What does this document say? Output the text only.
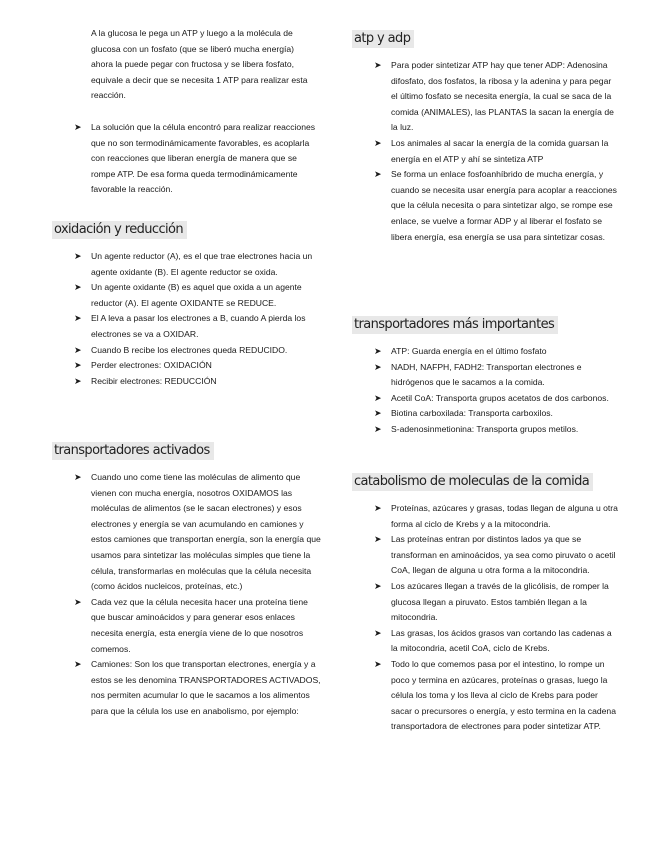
A la glucosa le pega un ATP y luego a la molécula de glucosa con un fosfato (que se liberó mucha energía) ahora la puede pegar con fructosa y se libera fosfato, equivale a decir que se necesita 1 ATP para realizar esta reacción.

➤ La solución que la célula encontró para realizar reacciones que no son termodinámicamente favorables, es acoplarla con reacciones que liberan energía de manera que se rompe ATP. De esa forma queda termodinámicamente favorable la reacción.
oxidación y reducción
➤ Un agente reductor (A), es el que trae electrones hacia un agente oxidante (B). El agente reductor se oxida.
➤ Un agente oxidante (B) es aquel que oxida a un agente reductor (A). El agente OXIDANTE se REDUCE.
➤ El A leva a pasar los electrones a B, cuando A pierda los electrones se va a OXIDAR.
➤ Cuando B recibe los electrones queda REDUCIDO.
➤ Perder electrones: OXIDACIÓN
➤ Recibir electrones: REDUCCIÓN
transportadores activados
➤ Cuando uno come tiene las moléculas de alimento que vienen con mucha energía, nosotros OXIDAMOS las moléculas de alimentos (se le sacan electrones) y esos electrones y energía se van acumulando en camiones y estos camiones que transportan energía, son la energía que usamos para sintetizar las moléculas simples que tiene la célula, transformarlas en moléculas que la célula necesita (como ácidos nucleicos, proteínas, etc.)
➤ Cada vez que la célula necesita hacer una proteína tiene que buscar aminoácidos y para generar esos enlaces necesita energía, esta energía viene de lo que nosotros comemos.
➤ Camiones: Son los que transportan electrones, energía y a estos se les denomina TRANSPORTADORES ACTIVADOS, nos permiten acumular lo que le sacamos a los alimentos para que la célula los use en anabolismo, por ejemplo:
atp y adp
➤ Para poder sintetizar ATP hay que tener ADP: Adenosina difosfato, dos fosfatos, la ribosa y la adenina y para pegar el último fosfato se necesita energía, la cual se saca de la comida (ANIMALES), las PLANTAS la sacan la energía de la luz.
➤ Los animales al sacar la energía de la comida guarsan la energía en el ATP y ahí se sintetiza ATP
➤ Se forma un enlace fosfoanhíbrido de mucha energía, y cuando se necesita usar energía para acoplar a reacciones que la célula necesita o para sintetizar algo, se rompe ese enlace, se vuelve a formar ADP y al liberar el fosfato se libera energía, esa energía se usa para sintetizar cosas.
transportadores más importantes
➤ ATP: Guarda energía en el último fosfato
➤ NADH, NAFPH, FADH2: Transportan electrones e hidrógenos que le sacamos a la comida.
➤ Acetil CoA: Transporta grupos acetatos de dos carbonos.
➤ Biotina carboxilada: Transporta carboxilos.
➤ S-adenosinmetionina: Transporta grupos metilos.
catabolismo de moleculas de la comida
➤ Proteínas, azúcares y grasas, todas llegan de alguna u otra forma al ciclo de Krebs y a la mitocondria.
➤ Las proteínas entran por distintos lados ya que se transforman en aminoácidos, ya sea como piruvato o acetil CoA, llegan de alguna u otra forma a la mitocondria.
➤ Los azúcares llegan a través de la glicólisis, de romper la glucosa llegan a piruvato. Estos también llegan a la mitocondria.
➤ Las grasas, los ácidos grasos van cortando las cadenas a la mitocondria, acetil CoA, ciclo de Krebs.
➤ Todo lo que comemos pasa por el intestino, lo rompe un poco y termina en azúcares, proteínas o grasas, luego la célula los toma y los lleva al ciclo de Krebs para poder sacar o precursores o energía, y esto termina en la cadena transportadora de electrones para poder sintetizar ATP.
